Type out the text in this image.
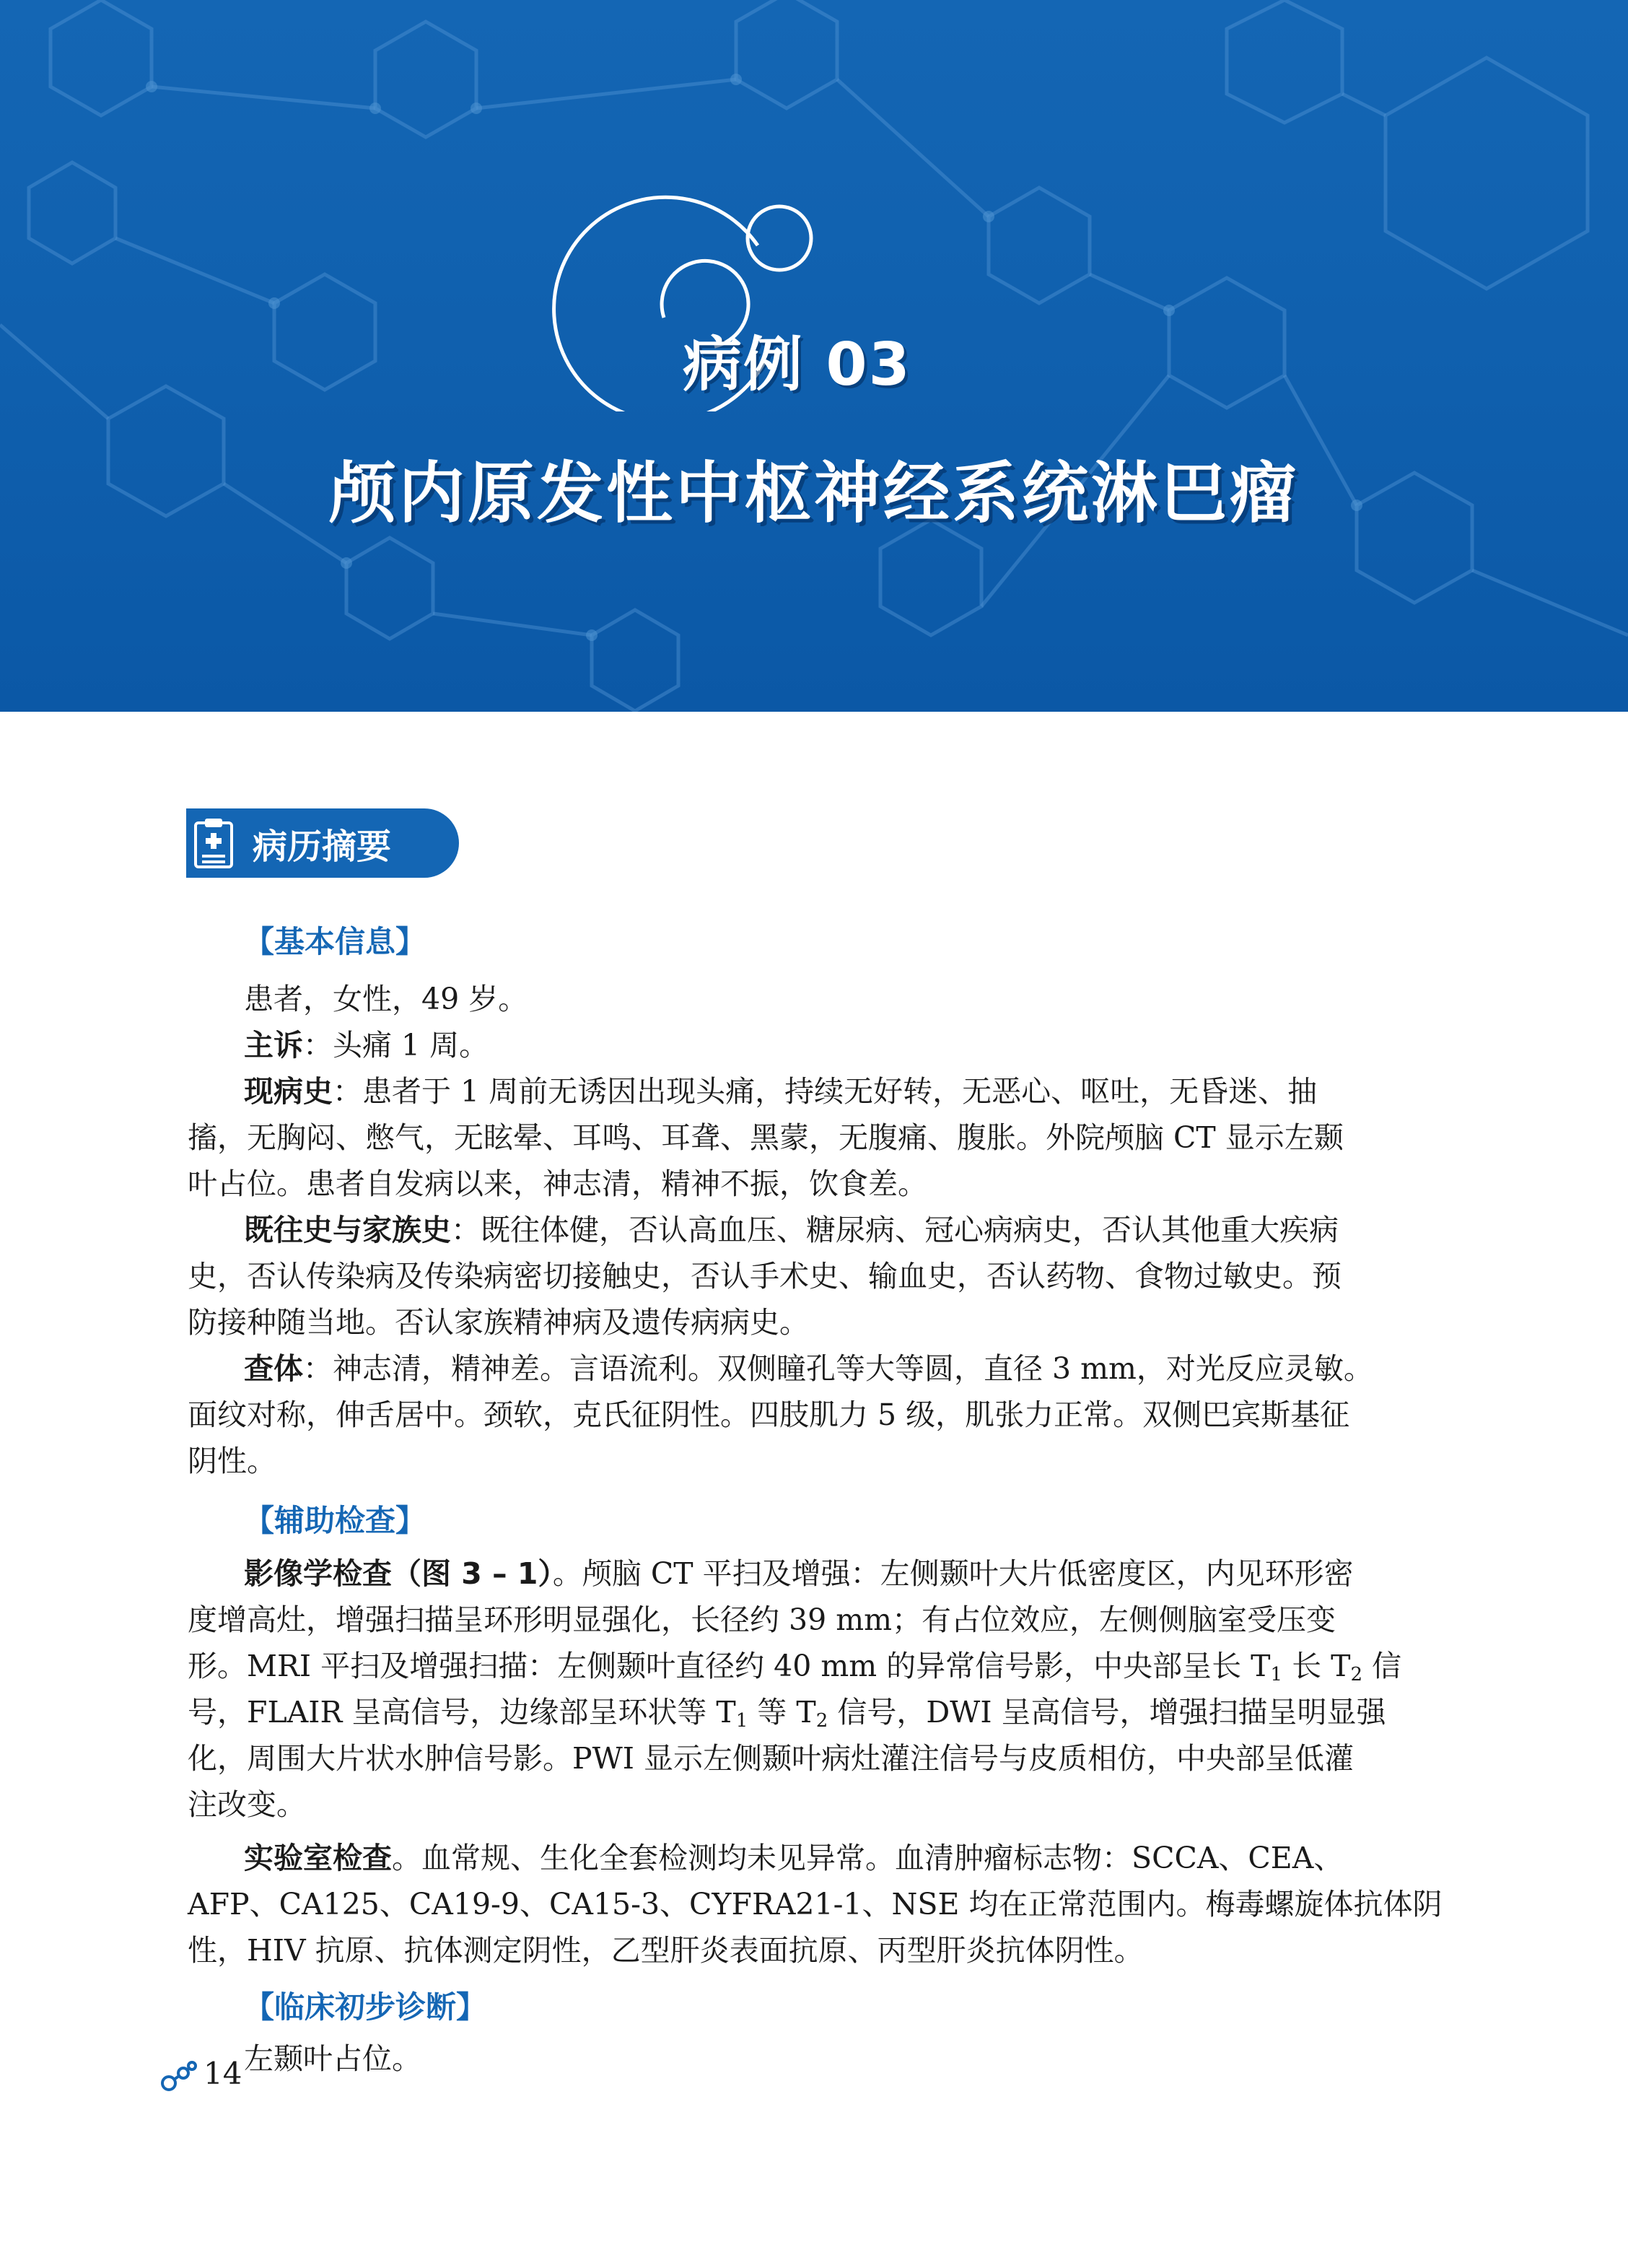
病例 03
颅内原发性中枢神经系统淋巴瘤
病历摘要
【基本信息】
患者，女性，49 岁。
主诉：头痛 1 周。
现病史：患者于 1 周前无诱因出现头痛，持续无好转，无恶心、呕吐，无昏迷、抽
搐，无胸闷、憋气，无眩晕、耳鸣、耳聋、黑蒙，无腹痛、腹胀。外院颅脑 CT 显示左颞
叶占位。患者自发病以来，神志清，精神不振，饮食差。
既往史与家族史：既往体健，否认高血压、糖尿病、冠心病病史，否认其他重大疾病
史，否认传染病及传染病密切接触史，否认手术史、输血史，否认药物、食物过敏史。预
防接种随当地。否认家族精神病及遗传病病史。
查体：神志清，精神差。言语流利。双侧瞳孔等大等圆，直径 3 mm，对光反应灵敏。
面纹对称，伸舌居中。颈软，克氏征阴性。四肢肌力 5 级，肌张力正常。双侧巴宾斯基征
阴性。
【辅助检查】
影像学检查（图 3 – 1）。颅脑 CT 平扫及增强：左侧颞叶大片低密度区，内见环形密
度增高灶，增强扫描呈环形明显强化，长径约 39 mm；有占位效应，左侧侧脑室受压变
形。MRI 平扫及增强扫描：左侧颞叶直径约 40 mm 的异常信号影，中央部呈长 $T_1$ 长 $T_2$ 信
号，FLAIR 呈高信号，边缘部呈环状等 $T_1$ 等 $T_2$ 信号，DWI 呈高信号，增强扫描呈明显强
化，周围大片状水肿信号影。PWI 显示左侧颞叶病灶灌注信号与皮质相仿，中央部呈低灌
注改变。
实验室检查。血常规、生化全套检测均未见异常。血清肿瘤标志物：SCCA、CEA、
AFP、CA125、CA19-9、CA15-3、CYFRA21-1、NSE 均在正常范围内。梅毒螺旋体抗体阴
性，HIV 抗原、抗体测定阴性，乙型肝炎表面抗原、丙型肝炎抗体阴性。
【临床初步诊断】
左颞叶占位。
14
